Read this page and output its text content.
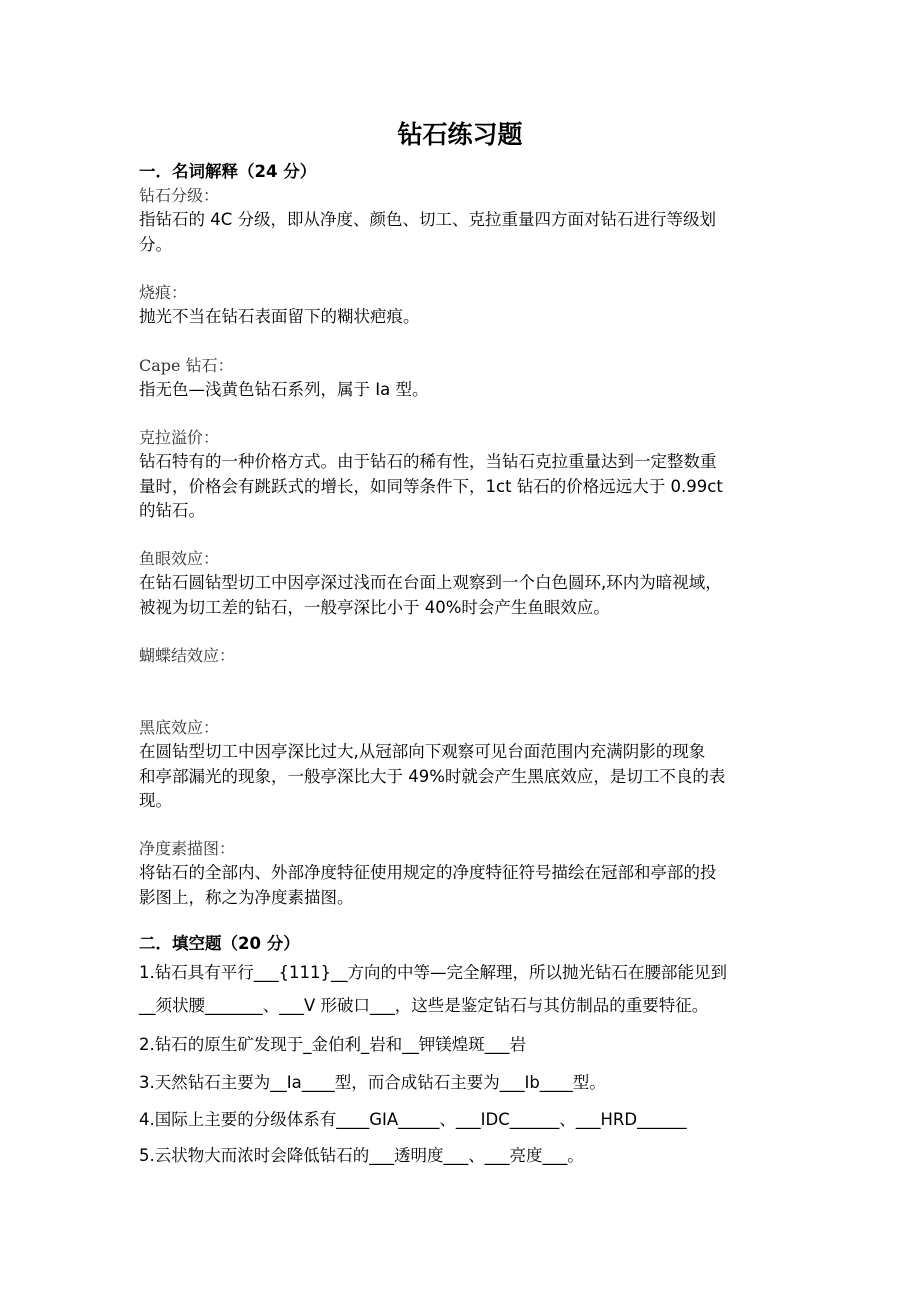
钻石练习题
一．名词解释（24 分）
钻石分级：
指钻石的 4C 分级，即从净度、颜色、切工、克拉重量四方面对钻石进行等级划
分。
烧痕：
抛光不当在钻石表面留下的糊状疤痕。
Cape 钻石：
指无色—浅黄色钻石系列，属于 Ia 型。
克拉溢价：
钻石特有的一种价格方式。由于钻石的稀有性，当钻石克拉重量达到一定整数重
量时，价格会有跳跃式的增长，如同等条件下，1ct 钻石的价格远远大于 0.99ct
的钻石。
鱼眼效应：
在钻石圆钻型切工中因亭深过浅而在台面上观察到一个白色圆环,环内为暗视域，
被视为切工差的钻石，一般亭深比小于 40%时会产生鱼眼效应。
蝴蝶结效应：
黑底效应：
在圆钻型切工中因亭深比过大,从冠部向下观察可见台面范围内充满阴影的现象
和亭部漏光的现象，一般亭深比大于 49%时就会产生黑底效应，是切工不良的表
现。
净度素描图：
将钻石的全部内、外部净度特征使用规定的净度特征符号描绘在冠部和亭部的投
影图上，称之为净度素描图。
二．填空题（20 分）
1.钻石具有平行___{111}__方向的中等—完全解理，所以抛光钻石在腰部能见到
__须状腰_______、___V 形破口___，这些是鉴定钻石与其仿制品的重要特征。
2.钻石的原生矿发现于_金伯利_岩和__钾镁煌斑___岩
3.天然钻石主要为__Ia____型，而合成钻石主要为___Ib____型。
4.国际上主要的分级体系有____GIA_____、___IDC______、___HRD______
5.云状物大而浓时会降低钻石的___透明度___、___亮度___。
